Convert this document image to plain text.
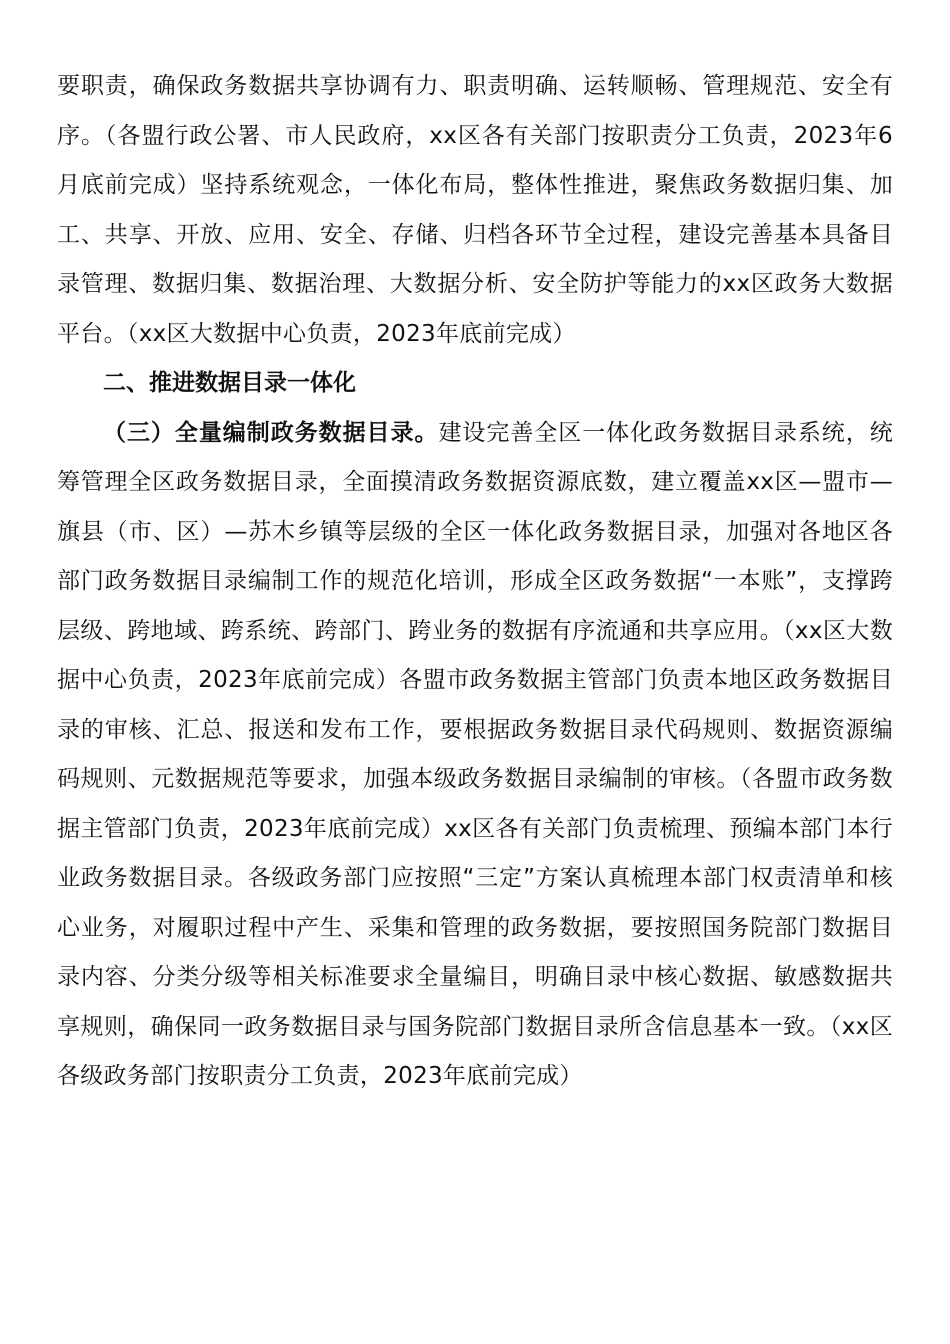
要职责，确保政务数据共享协调有力、职责明确、运转顺畅、管理规范、安全有序。（各盟行政公署、市人民政府，xx区各有关部门按职责分工负责，2023年6月底前完成）坚持系统观念，一体化布局，整体性推进，聚焦政务数据归集、加工、共享、开放、应用、安全、存储、归档各环节全过程，建设完善基本具备目录管理、数据归集、数据治理、大数据分析、安全防护等能力的xx区政务大数据平台。（xx区大数据中心负责，2023年底前完成）

二、推进数据目录一体化

（三）全量编制政务数据目录。建设完善全区一体化政务数据目录系统，统筹管理全区政务数据目录，全面摸清政务数据资源底数，建立覆盖xx区—盟市—旗县（市、区）—苏木乡镇等层级的全区一体化政务数据目录，加强对各地区各部门政务数据目录编制工作的规范化培训，形成全区政务数据“一本账”，支撑跨层级、跨地域、跨系统、跨部门、跨业务的数据有序流通和共享应用。（xx区大数据中心负责，2023年底前完成）各盟市政务数据主管部门负责本地区政务数据目录的审核、汇总、报送和发布工作，要根据政务数据目录代码规则、数据资源编码规则、元数据规范等要求，加强本级政务数据目录编制的审核。（各盟市政务数据主管部门负责，2023年底前完成）xx区各有关部门负责梳理、预编本部门本行业政务数据目录。各级政务部门应按照“三定”方案认真梳理本部门权责清单和核心业务，对履职过程中产生、采集和管理的政务数据，要按照国务院部门数据目录内容、分类分级等相关标准要求全量编目，明确目录中核心数据、敏感数据共享规则，确保同一政务数据目录与国务院部门数据目录所含信息基本一致。（xx区各级政务部门按职责分工负责，2023年底前完成）
